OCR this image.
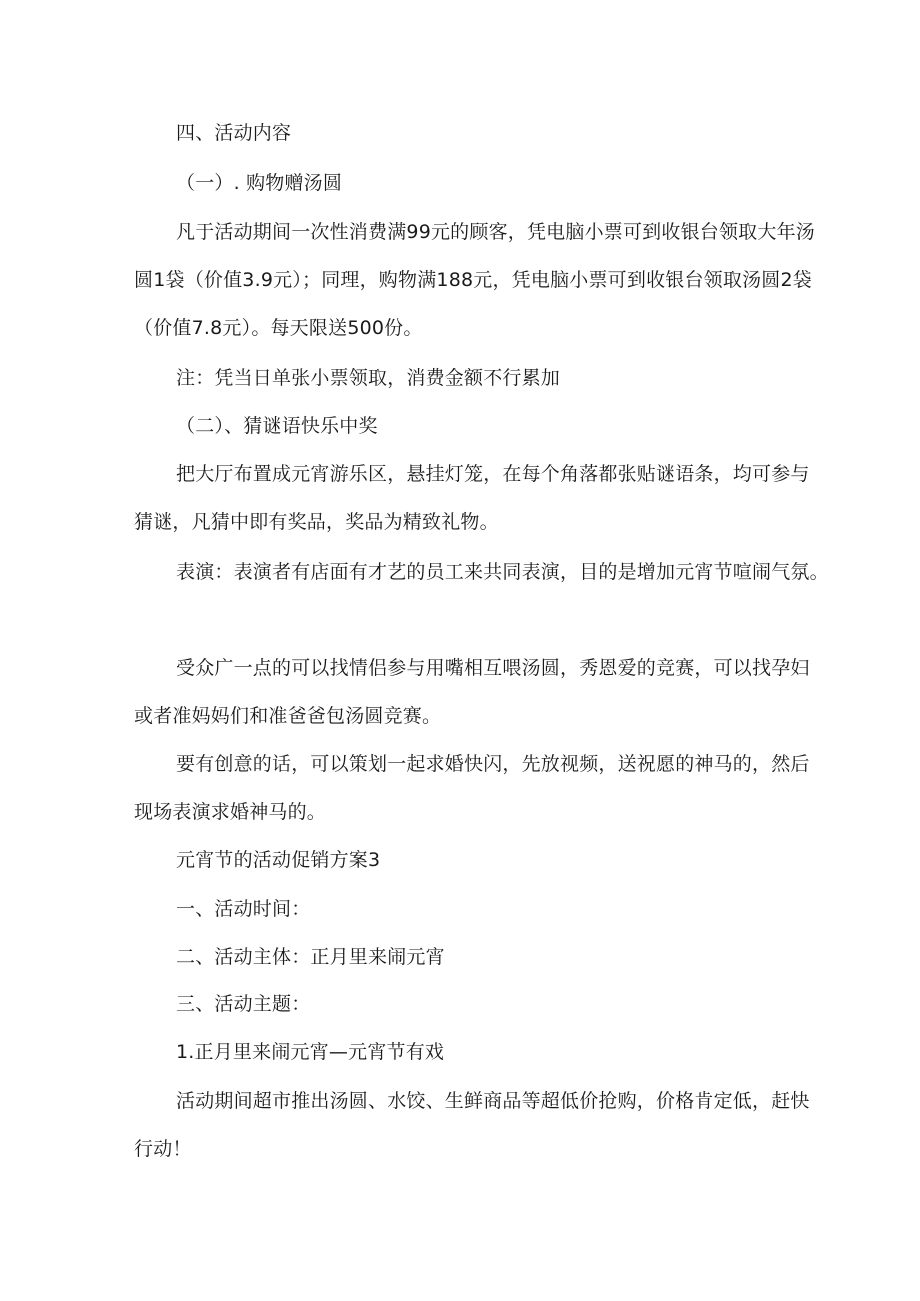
四、活动内容
（一）. 购物赠汤圆
凡于活动期间一次性消费满99元的顾客，凭电脑小票可到收银台领取大年汤
圆1袋（价值3.9元）；同理，购物满188元，凭电脑小票可到收银台领取汤圆2袋
（价值7.8元）。每天限送500份。
注：凭当日单张小票领取，消费金额不行累加
（二）、猜谜语快乐中奖
把大厅布置成元宵游乐区，悬挂灯笼，在每个角落都张贴谜语条，均可参与
猜谜，凡猜中即有奖品，奖品为精致礼物。
表演：表演者有店面有才艺的员工来共同表演，目的是增加元宵节喧闹气氛。
受众广一点的可以找情侣参与用嘴相互喂汤圆，秀恩爱的竞赛，可以找孕妇
或者准妈妈们和准爸爸包汤圆竞赛。
要有创意的话，可以策划一起求婚快闪，先放视频，送祝愿的神马的，然后
现场表演求婚神马的。
元宵节的活动促销方案3
一、活动时间：
二、活动主体：正月里来闹元宵
三、活动主题：
1.正月里来闹元宵—元宵节有戏
活动期间超市推出汤圆、水饺、生鲜商品等超低价抢购，价格肯定低，赶快
行动！
